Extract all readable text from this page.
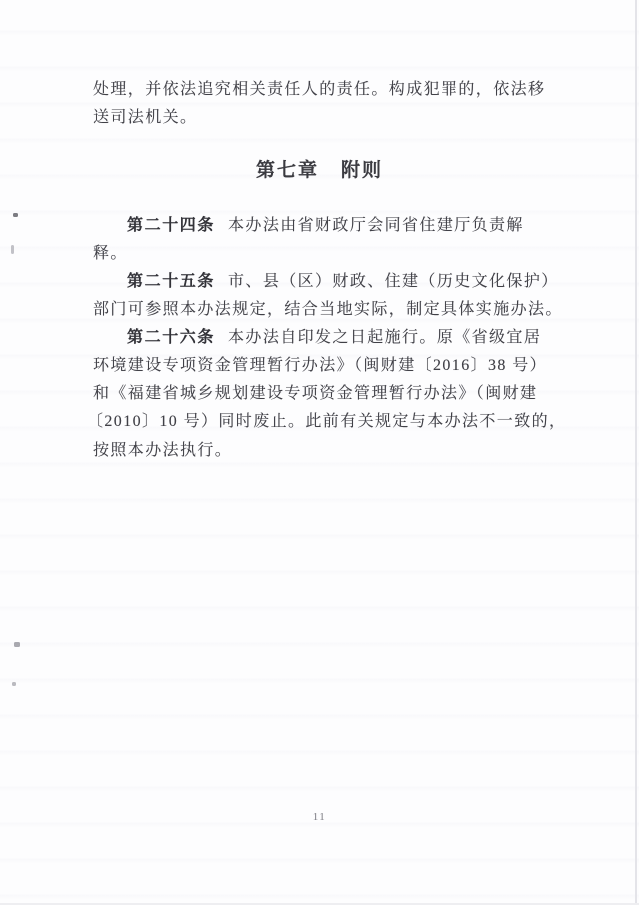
处理，并依法追究相关责任人的责任。构成犯罪的，依法移
送司法机关。
第七章 附则
第二十四条 本办法由省财政厅会同省住建厅负责解
释。
第二十五条 市、县（区）财政、住建（历史文化保护）
部门可参照本办法规定，结合当地实际，制定具体实施办法。
第二十六条 本办法自印发之日起施行。原《省级宜居
环境建设专项资金管理暂行办法》（闽财建〔2016〕38 号）
和《福建省城乡规划建设专项资金管理暂行办法》（闽财建
〔2010〕10 号）同时废止。此前有关规定与本办法不一致的，
按照本办法执行。
11
